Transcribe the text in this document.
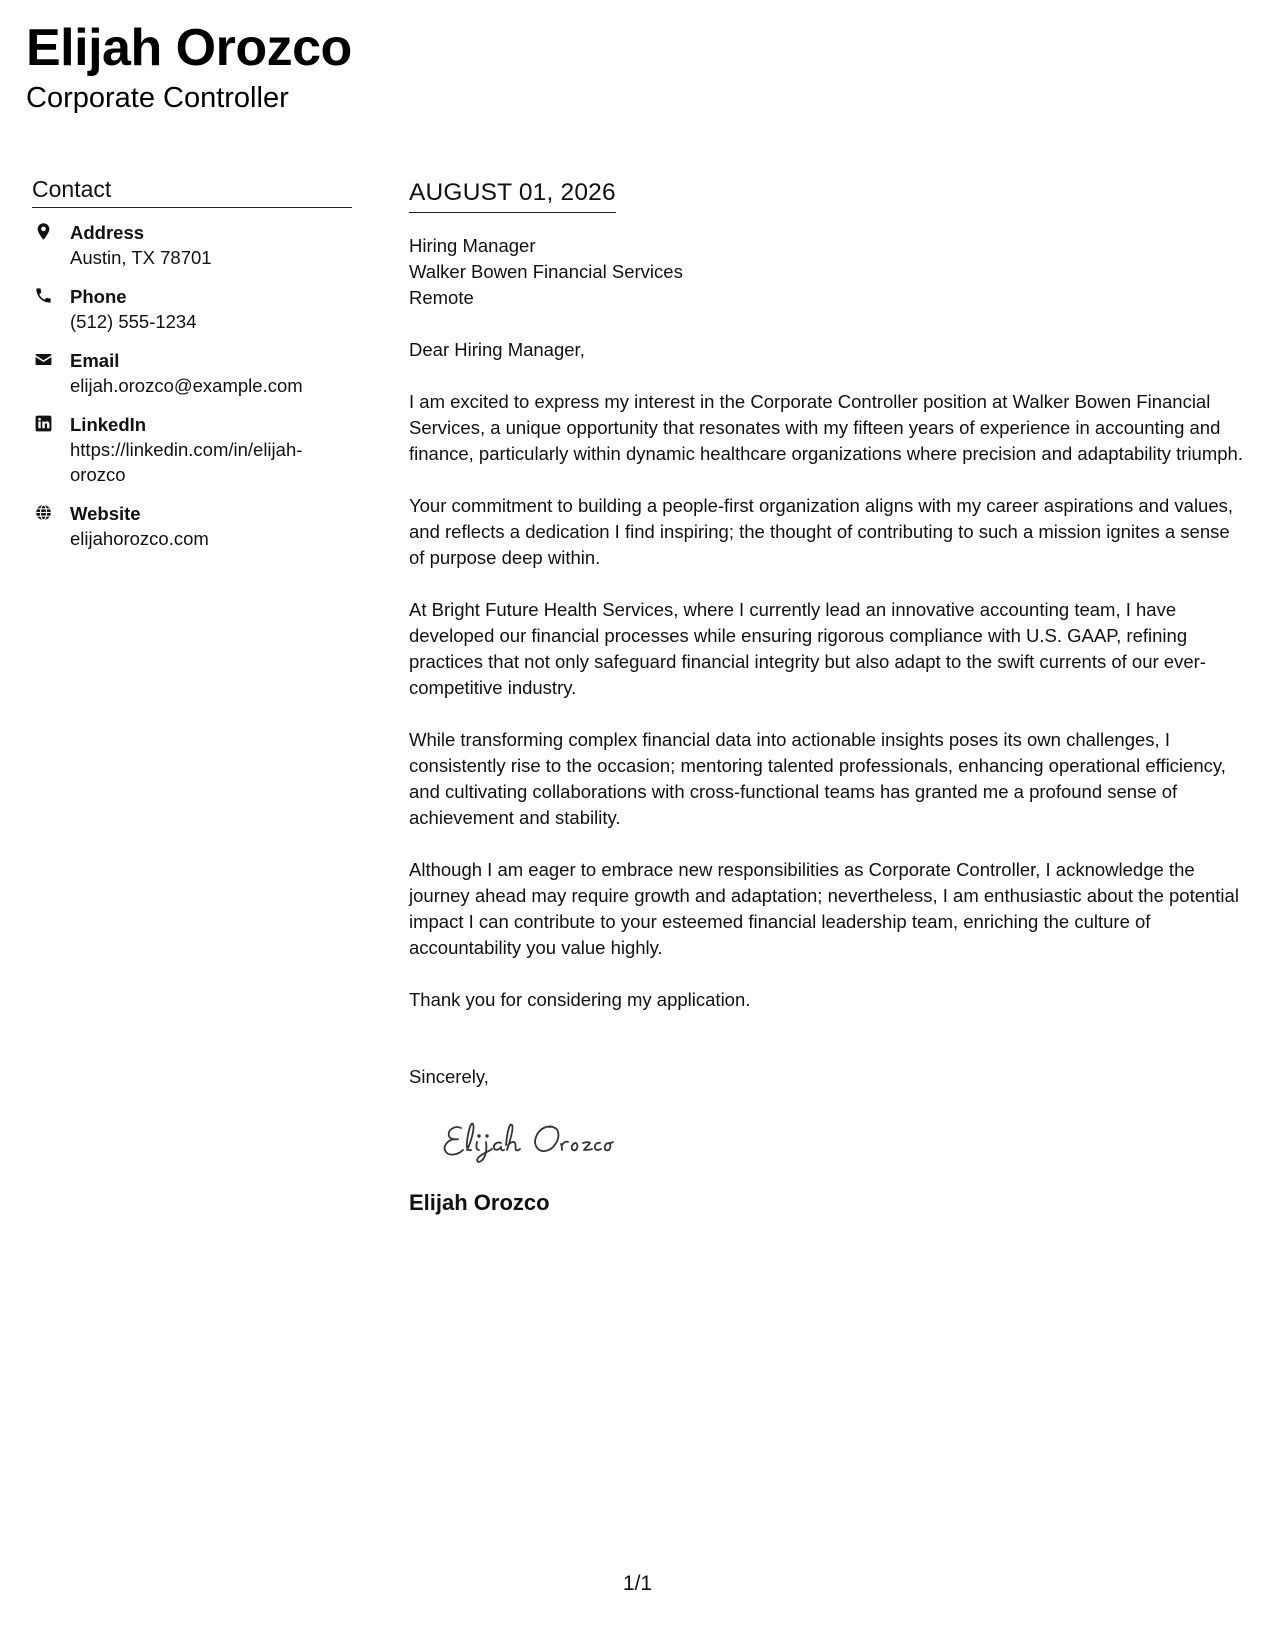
Elijah Orozco
Corporate Controller
Contact
Address
Austin, TX 78701
Phone
(512) 555-1234
Email
elijah.orozco@example.com
LinkedIn
https://linkedin.com/in/elijah-orozco
Website
elijahorozco.com
AUGUST 01, 2026
Hiring Manager
Walker Bowen Financial Services
Remote
Dear Hiring Manager,

I am excited to express my interest in the Corporate Controller position at Walker Bowen Financial Services, a unique opportunity that resonates with my fifteen years of experience in accounting and finance, particularly within dynamic healthcare organizations where precision and adaptability triumph.

Your commitment to building a people-first organization aligns with my career aspirations and values, and reflects a dedication I find inspiring; the thought of contributing to such a mission ignites a sense of purpose deep within.

At Bright Future Health Services, where I currently lead an innovative accounting team, I have developed our financial processes while ensuring rigorous compliance with U.S. GAAP, refining practices that not only safeguard financial integrity but also adapt to the swift currents of our ever-competitive industry.

While transforming complex financial data into actionable insights poses its own challenges, I consistently rise to the occasion; mentoring talented professionals, enhancing operational efficiency, and cultivating collaborations with cross-functional teams has granted me a profound sense of achievement and stability.

Although I am eager to embrace new responsibilities as Corporate Controller, I acknowledge the journey ahead may require growth and adaptation; nevertheless, I am enthusiastic about the potential impact I can contribute to your esteemed financial leadership team, enriching the culture of accountability you value highly.

Thank you for considering my application.

Sincerely,
Elijah Orozco
1/1
